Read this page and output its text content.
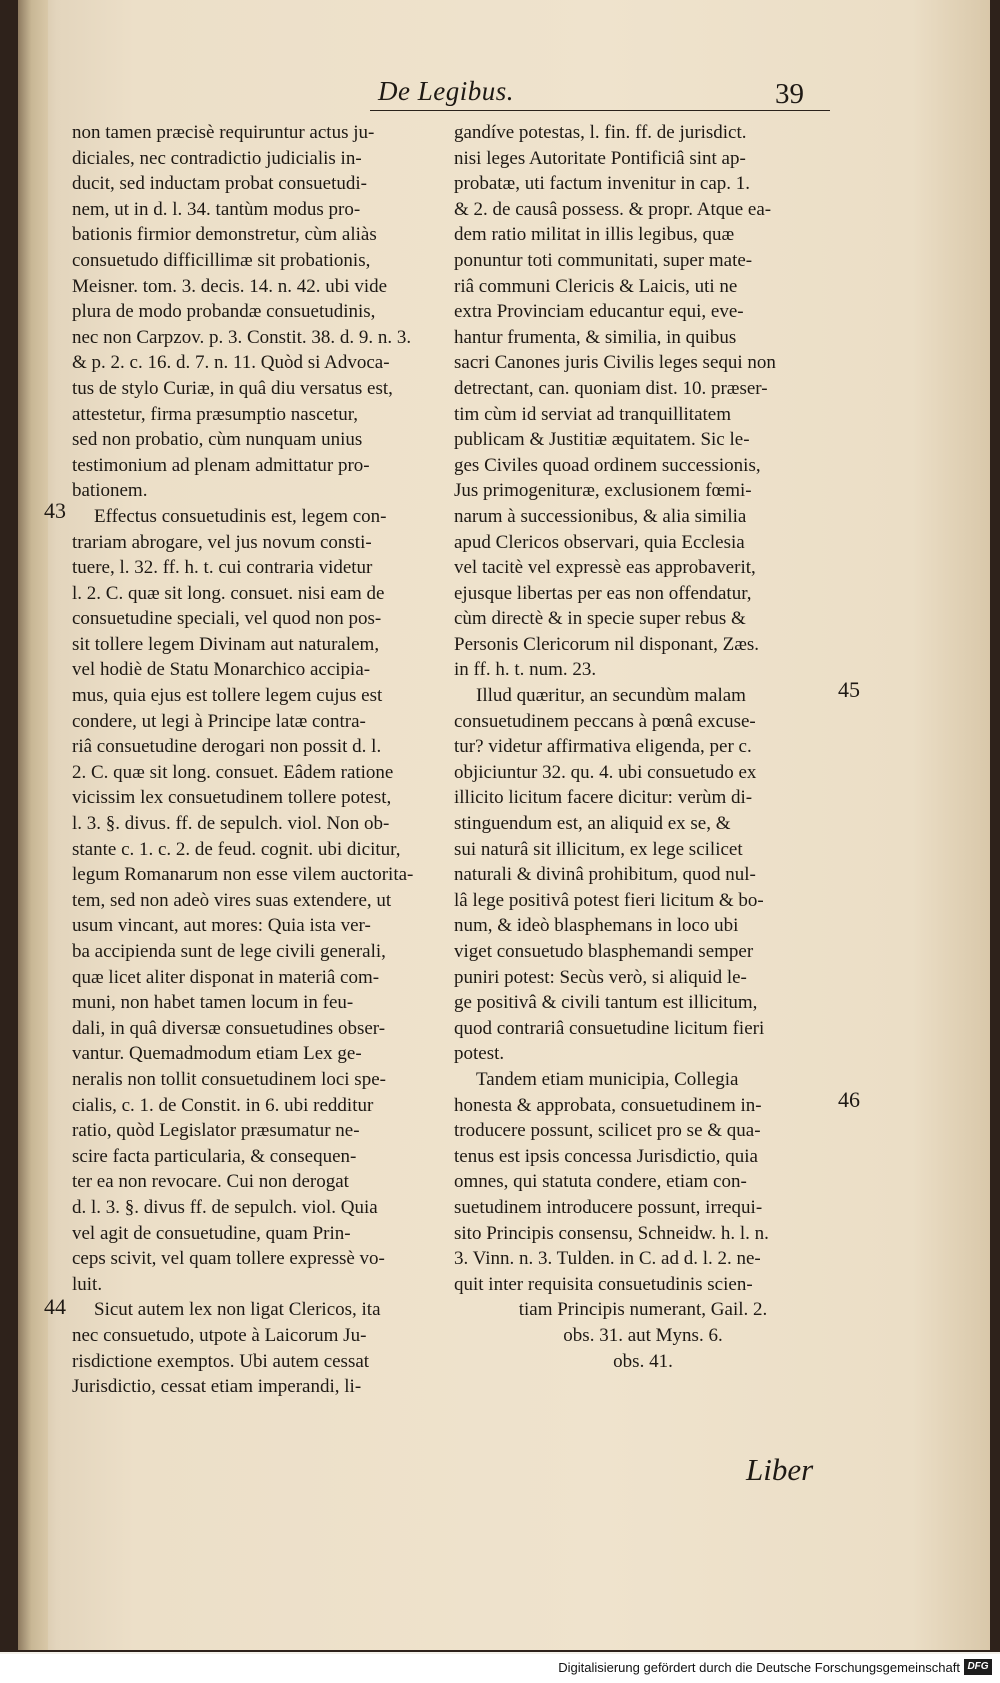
De Legibus.	39
non tamen præcisè requiruntur actus ju-
diciales, nec contradictio judicialis in-
ducit, sed inductam probat consuetudi-
nem, ut in d. l. 34. tantùm modus pro-
bationis firmior demonstretur, cùm aliàs
consuetudo difficillimæ sit probationis,
Meisner. tom. 3. decis. 14. n. 42. ubi vide
plura de modo probandæ consuetudinis,
nec non Carpzov. p. 3. Constit. 38. d. 9. n. 3.
& p. 2. c. 16. d. 7. n. 11. Quòd si Advoca-
tus de stylo Curiæ, in quâ diu versatus est,
attestetur, firma præsumptio nascetur,
sed non probatio, cùm nunquam unius
testimonium ad plenam admittatur pro-
bationem.
Effectus consuetudinis est, legem con-
trariam abrogare, vel jus novum consti-
tuere, l. 32. ff. h. t. cui contraria videtur
l. 2. C. quæ sit long. consuet. nisi eam de
consuetudine speciali, vel quod non pos-
sit tollere legem Divinam aut naturalem,
vel hodiè de Statu Monarchico accipia-
mus, quia ejus est tollere legem cujus est
condere, ut legi à Principe latæ contra-
riâ consuetudine derogari non possit d. l.
2. C. quæ sit long. consuet. Eâdem ratione
vicissim lex consuetudinem tollere potest,
l. 3. §. divus. ff. de sepulch. viol. Non ob-
stante c. 1. c. 2. de feud. cognit. ubi dicitur,
legum Romanarum non esse vilem auctorita-
tem, sed non adeò vires suas extendere, ut
usum vincant, aut mores: Quia ista ver-
ba accipienda sunt de lege civili generali,
quæ licet aliter disponat in materiâ com-
muni, non habet tamen locum in feu-
dali, in quâ diversæ consuetudines obser-
vantur. Quemadmodum etiam Lex ge-
neralis non tollit consuetudinem loci spe-
cialis, c. 1. de Constit. in 6. ubi redditur
ratio, quòd Legislator præsumatur ne-
scire facta particularia, & consequen-
ter ea non revocare. Cui non derogat
d. l. 3. §. divus ff. de sepulch. viol. Quia
vel agit de consuetudine, quam Prin-
ceps scivit, vel quam tollere expressè vo-
luit.
Sicut autem lex non ligat Clericos, ita
nec consuetudo, utpote à Laicorum Ju-
risdictione exemptos. Ubi autem cessat
Jurisdictio, cessat etiam imperandi, li-
gandíve potestas, l. fin. ff. de jurisdict.
nisi leges Autoritate Pontificiâ sint ap-
probatæ, uti factum invenitur in cap. 1.
& 2. de causâ possess. & propr. Atque ea-
dem ratio militat in illis legibus, quæ
ponuntur toti communitati, super mate-
riâ communi Clericis & Laicis, uti ne
extra Provinciam educantur equi, eve-
hantur frumenta, & similia, in quibus
sacri Canones juris Civilis leges sequi non
detrectant, can. quoniam dist. 10. præser-
tim cùm id serviat ad tranquillitatem
publicam & Justitiæ æquitatem. Sic le-
ges Civiles quoad ordinem successionis,
Jus primogenituræ, exclusionem fœmi-
narum à successionibus, & alia similia
apud Clericos observari, quia Ecclesia
vel tacitè vel expressè eas approbaverit,
ejusque libertas per eas non offendatur,
cùm directè & in specie super rebus &
Personis Clericorum nil disponant, Zæs.
in ff. h. t. num. 23.
Illud quæritur, an secundùm malam
consuetudinem peccans à pœnâ excuse-
tur? videtur affirmativa eligenda, per c.
objiciuntur 32. qu. 4. ubi consuetudo ex
illicito licitum facere dicitur: verùm di-
stinguendum est, an aliquid ex se, &
sui naturâ sit illicitum, ex lege scilicet
naturali & divinâ prohibitum, quod nul-
lâ lege positivâ potest fieri licitum & bo-
num, & ideò blasphemans in loco ubi
viget consuetudo blasphemandi semper
puniri potest: Secùs verò, si aliquid le-
ge positivâ & civili tantum est illicitum,
quod contrariâ consuetudine licitum fieri
potest.
Tandem etiam municipia, Collegia
honesta & approbata, consuetudinem in-
troducere possunt, scilicet pro se & qua-
tenus est ipsis concessa Jurisdictio, quia
omnes, qui statuta condere, etiam con-
suetudinem introducere possunt, irrequi-
sito Principis consensu, Schneidw. h. l. n.
3. Vinn. n. 3. Tulden. in C. ad d. l. 2. ne-
quit inter requisita consuetudinis scien-
tiam Principis numerant, Gail. 2.
obs. 31. aut Myns. 6.
obs. 41.
43
44
45
46
Liber
Digitalisierung gefördert durch die Deutsche Forschungsgemeinschaft DFG
